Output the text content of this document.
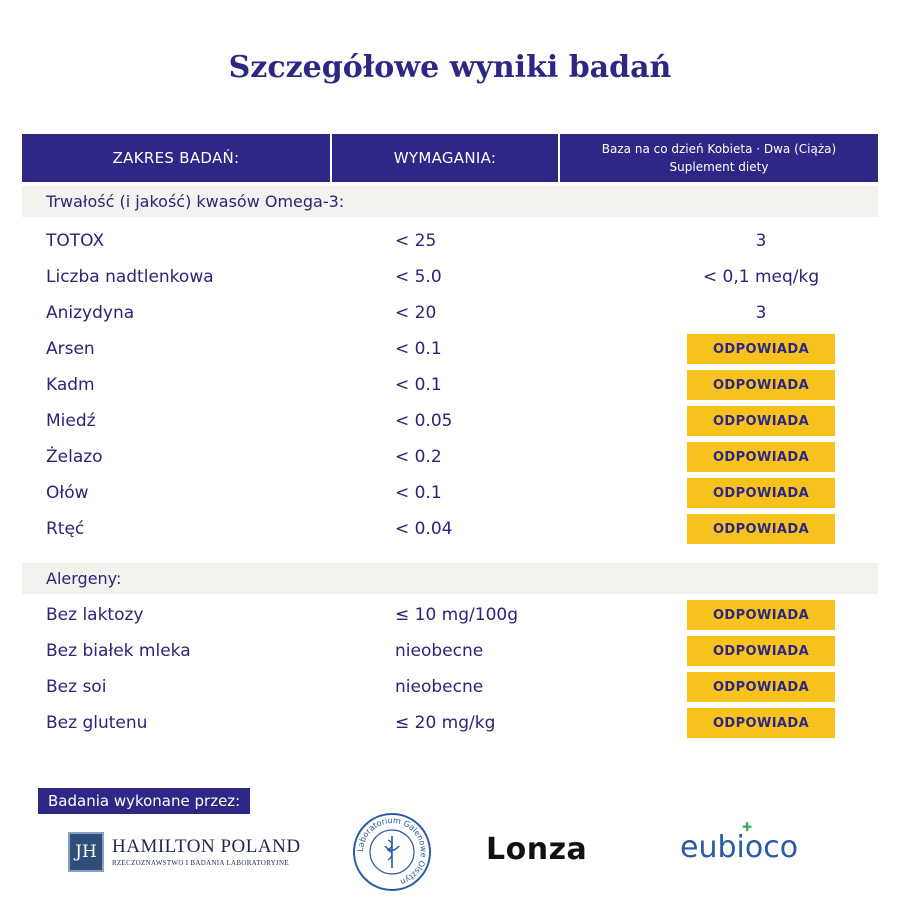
Szczegółowe wyniki badań
ZAKRES BADAŃ:	WYMAGANIA:	Baza na co dzień Kobieta · Dwa (Ciąża)
Suplement diety
Trwałość (i jakość) kwasów Omega-3:
TOTOX	< 25	3
Liczba nadtlenkowa	< 5.0	< 0,1 meq/kg
Anizydyna	< 20	3
Arsen	< 0.1	ODPOWIADA
Kadm	< 0.1	ODPOWIADA
Miedź	< 0.05	ODPOWIADA
Żelazo	< 0.2	ODPOWIADA
Ołów	< 0.1	ODPOWIADA
Rtęć	< 0.04	ODPOWIADA
Alergeny:
Bez laktozy	≤ 10 mg/100g	ODPOWIADA
Bez białek mleka	nieobecne	ODPOWIADA
Bez soi	nieobecne	ODPOWIADA
Bez glutenu	≤ 20 mg/kg	ODPOWIADA
Badania wykonane przez:
JH HAMILTON POLAND
RZECZOZNAWSTWO I BADANIA LABORATORYJNE
Laboratorium Galenowe Olsztyn
Lonza	eubioco
✚
